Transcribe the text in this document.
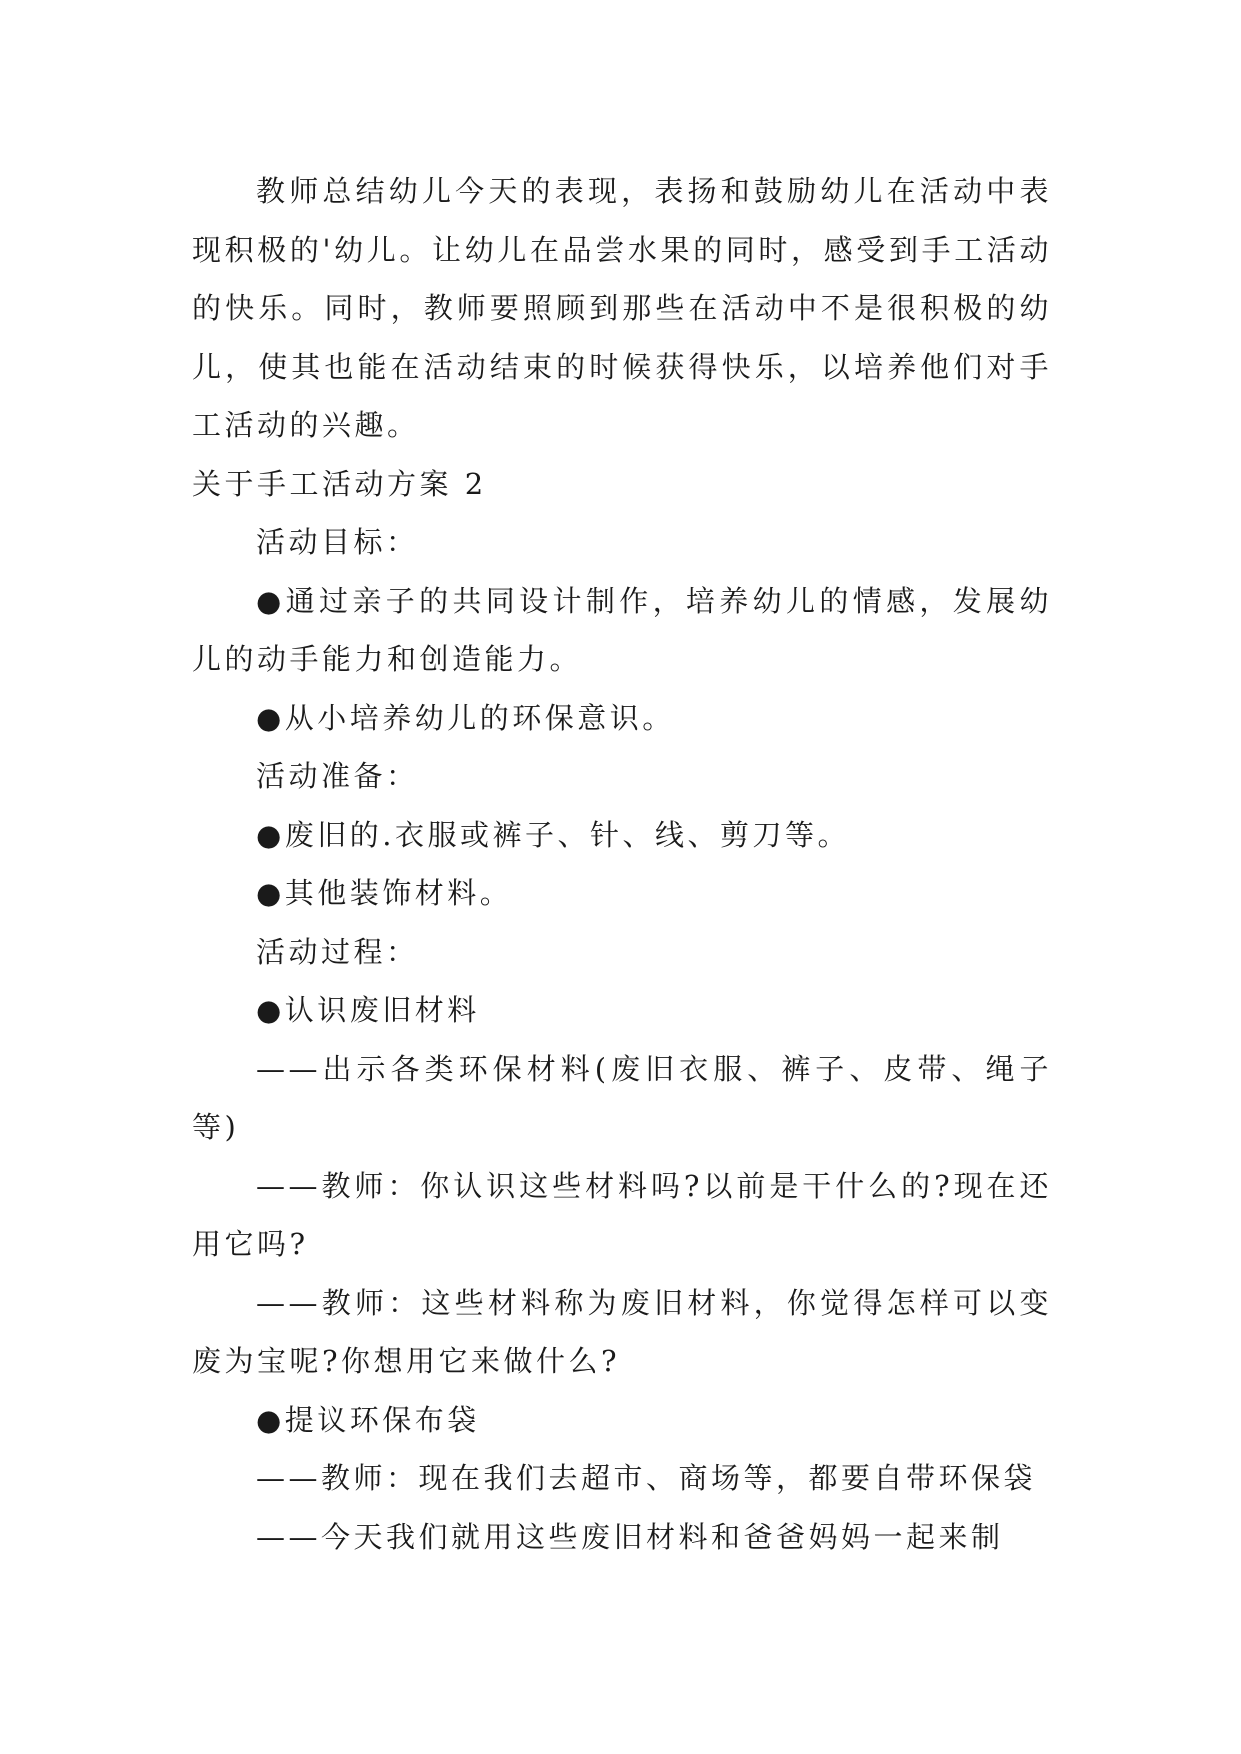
教师总结幼儿今天的表现，表扬和鼓励幼儿在活动中表现积极的'幼儿。让幼儿在品尝水果的同时，感受到手工活动的快乐。同时，教师要照顾到那些在活动中不是很积极的幼儿，使其也能在活动结束的时候获得快乐，以培养他们对手工活动的兴趣。

关于手工活动方案 2

活动目标：

●通过亲子的共同设计制作，培养幼儿的情感，发展幼儿的动手能力和创造能力。

●从小培养幼儿的环保意识。

活动准备：

●废旧的.衣服或裤子、针、线、剪刀等。

●其他装饰材料。

活动过程：

●认识废旧材料

——出示各类环保材料(废旧衣服、裤子、皮带、绳子等)

——教师：你认识这些材料吗?以前是干什么的?现在还用它吗?

——教师：这些材料称为废旧材料，你觉得怎样可以变废为宝呢?你想用它来做什么?

●提议环保布袋

——教师：现在我们去超市、商场等，都要自带环保袋

——今天我们就用这些废旧材料和爸爸妈妈一起来制
